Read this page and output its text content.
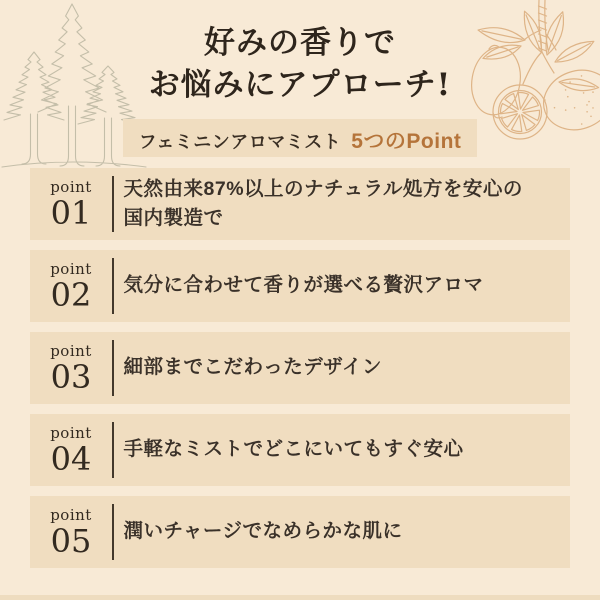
好みの香りで
お悩みにアプローチ!
フェミニンアロマミスト 5つのPoint
point
01
天然由来87%以上のナチュラル処方を安心の国内製造で
point
02	気分に合わせて香りが選べる贅沢アロマ
point
03	細部までこだわったデザイン
point
04	手軽なミストでどこにいてもすぐ安心
point
05	潤いチャージでなめらかな肌に
